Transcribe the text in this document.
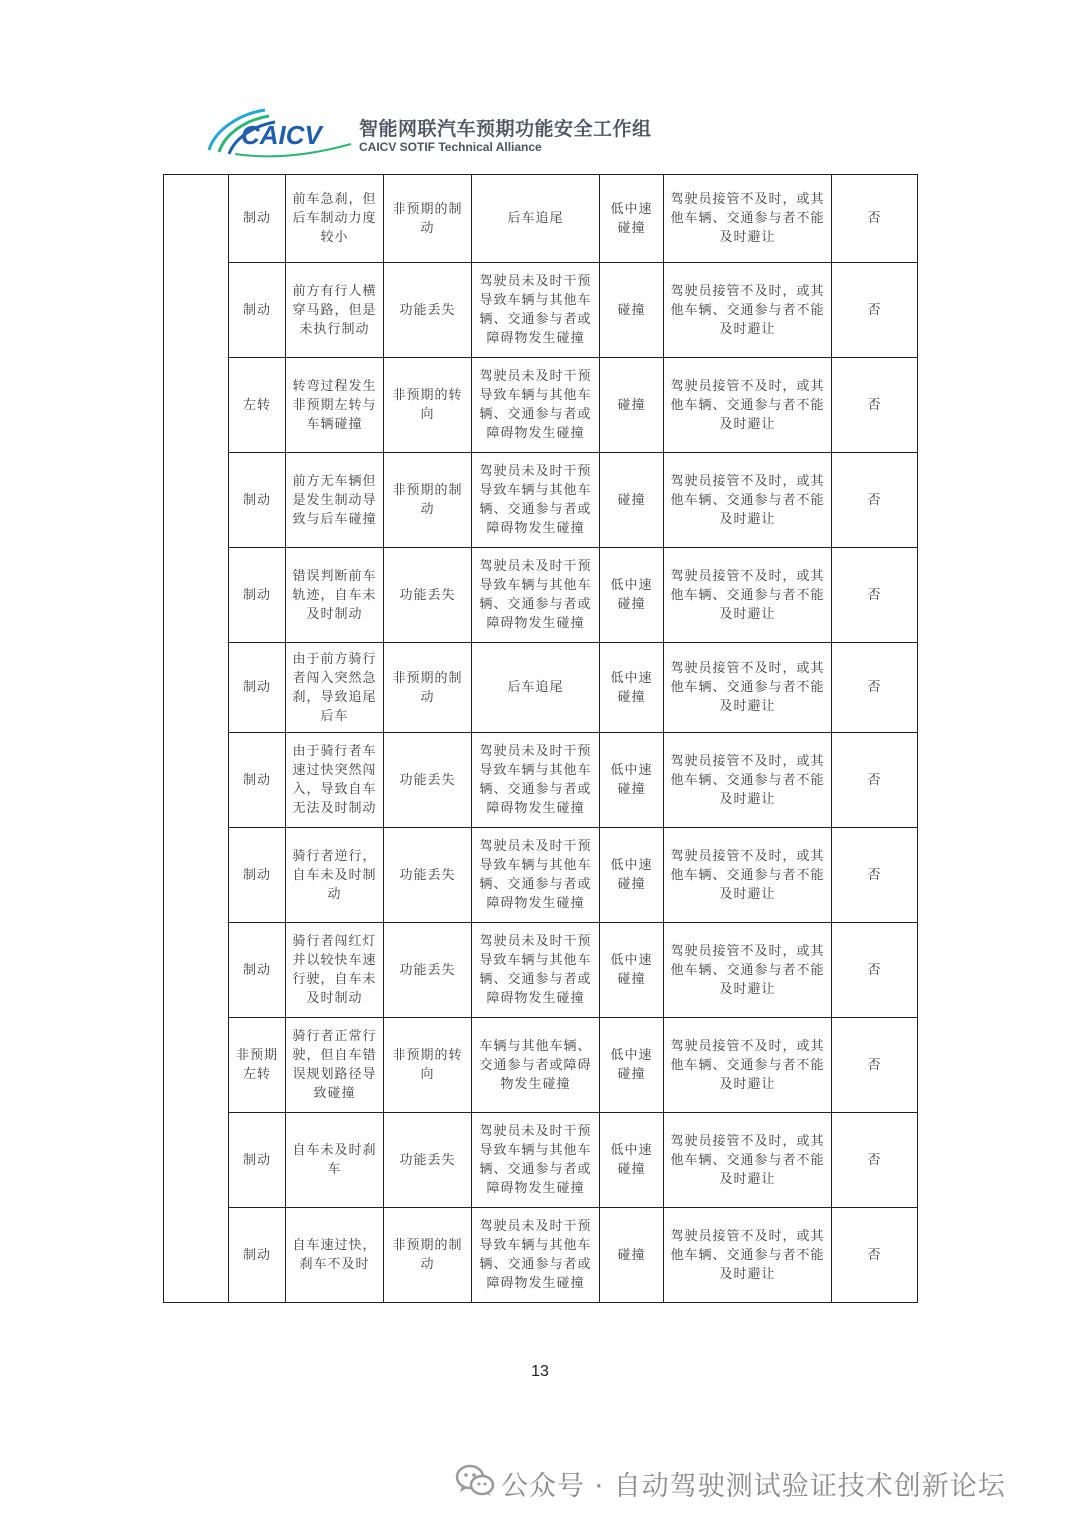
CAICV 智能网联汽车预期功能安全工作组
CAICV SOTIF Technical Alliance
	制动	前车急刹，但后车制动力度较小	非预期的制动	后车追尾	低中速碰撞	驾驶员接管不及时，或其他车辆、交通参与者不能及时避让	否
	制动	前方有行人横穿马路，但是未执行制动	功能丢失	驾驶员未及时干预导致车辆与其他车辆、交通参与者或障碍物发生碰撞	碰撞	驾驶员接管不及时，或其他车辆、交通参与者不能及时避让	否
	左转	转弯过程发生非预期左转与车辆碰撞	非预期的转向	驾驶员未及时干预导致车辆与其他车辆、交通参与者或障碍物发生碰撞	碰撞	驾驶员接管不及时，或其他车辆、交通参与者不能及时避让	否
	制动	前方无车辆但是发生制动导致与后车碰撞	非预期的制动	驾驶员未及时干预导致车辆与其他车辆、交通参与者或障碍物发生碰撞	碰撞	驾驶员接管不及时，或其他车辆、交通参与者不能及时避让	否
	制动	错误判断前车轨迹，自车未及时制动	功能丢失	驾驶员未及时干预导致车辆与其他车辆、交通参与者或障碍物发生碰撞	低中速碰撞	驾驶员接管不及时，或其他车辆、交通参与者不能及时避让	否
	制动	由于前方骑行者闯入突然急刹，导致追尾后车	非预期的制动	后车追尾	低中速碰撞	驾驶员接管不及时，或其他车辆、交通参与者不能及时避让	否
	制动	由于骑行者车速过快突然闯入，导致自车无法及时制动	功能丢失	驾驶员未及时干预导致车辆与其他车辆、交通参与者或障碍物发生碰撞	低中速碰撞	驾驶员接管不及时，或其他车辆、交通参与者不能及时避让	否
	制动	骑行者逆行，自车未及时制动	功能丢失	驾驶员未及时干预导致车辆与其他车辆、交通参与者或障碍物发生碰撞	低中速碰撞	驾驶员接管不及时，或其他车辆、交通参与者不能及时避让	否
	制动	骑行者闯红灯并以较快车速行驶，自车未及时制动	功能丢失	驾驶员未及时干预导致车辆与其他车辆、交通参与者或障碍物发生碰撞	低中速碰撞	驾驶员接管不及时，或其他车辆、交通参与者不能及时避让	否
	非预期左转	骑行者正常行驶，但自车错误规划路径导致碰撞	非预期的转向	车辆与其他车辆、交通参与者或障碍物发生碰撞	低中速碰撞	驾驶员接管不及时，或其他车辆、交通参与者不能及时避让	否
	制动	自车未及时刹车	功能丢失	驾驶员未及时干预导致车辆与其他车辆、交通参与者或障碍物发生碰撞	低中速碰撞	驾驶员接管不及时，或其他车辆、交通参与者不能及时避让	否
	制动	自车速过快，刹车不及时	非预期的制动	驾驶员未及时干预导致车辆与其他车辆、交通参与者或障碍物发生碰撞	碰撞	驾驶员接管不及时，或其他车辆、交通参与者不能及时避让	否
13
公众号 · 自动驾驶测试验证技术创新论坛
